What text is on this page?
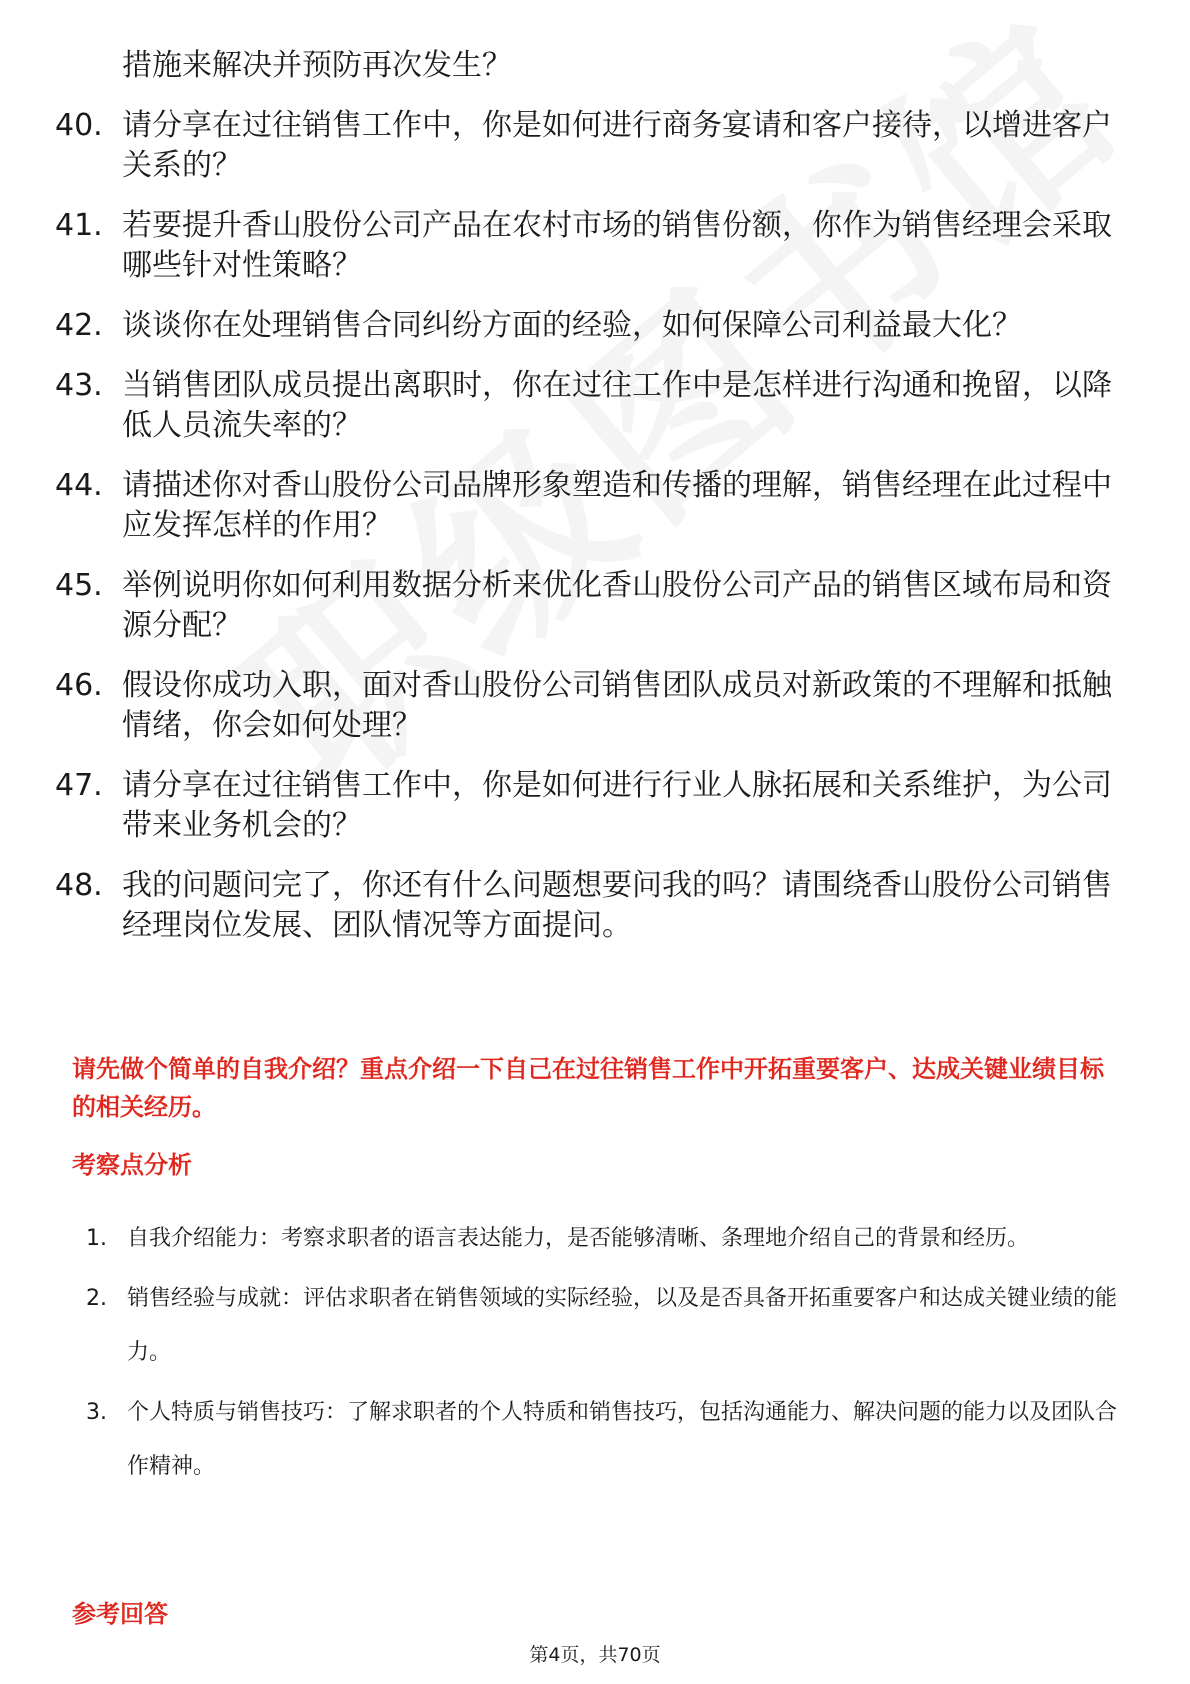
措施来解决并预防再次发生？
40. 请分享在过往销售工作中，你是如何进行商务宴请和客户接待，以增进客户关系的？
41. 若要提升香山股份公司产品在农村市场的销售份额，你作为销售经理会采取哪些针对性策略？
42. 谈谈你在处理销售合同纠纷方面的经验，如何保障公司利益最大化？
43. 当销售团队成员提出离职时，你在过往工作中是怎样进行沟通和挽留，以降低人员流失率的？
44. 请描述你对香山股份公司品牌形象塑造和传播的理解，销售经理在此过程中应发挥怎样的作用？
45. 举例说明你如何利用数据分析来优化香山股份公司产品的销售区域布局和资源分配？
46. 假设你成功入职，面对香山股份公司销售团队成员对新政策的不理解和抵触情绪，你会如何处理？
47. 请分享在过往销售工作中，你是如何进行行业人脉拓展和关系维护，为公司带来业务机会的？
48. 我的问题问完了，你还有什么问题想要问我的吗？请围绕香山股份公司销售经理岗位发展、团队情况等方面提问。
请先做个简单的自我介绍？重点介绍一下自己在过往销售工作中开拓重要客户、达成关键业绩目标的相关经历。
考察点分析
1. 自我介绍能力：考察求职者的语言表达能力，是否能够清晰、条理地介绍自己的背景和经历。
2. 销售经验与成就：评估求职者在销售领域的实际经验，以及是否具备开拓重要客户和达成关键业绩的能力。
3. 个人特质与销售技巧：了解求职者的个人特质和销售技巧，包括沟通能力、解决问题的能力以及团队合作精神。
参考回答
第4页，共70页
